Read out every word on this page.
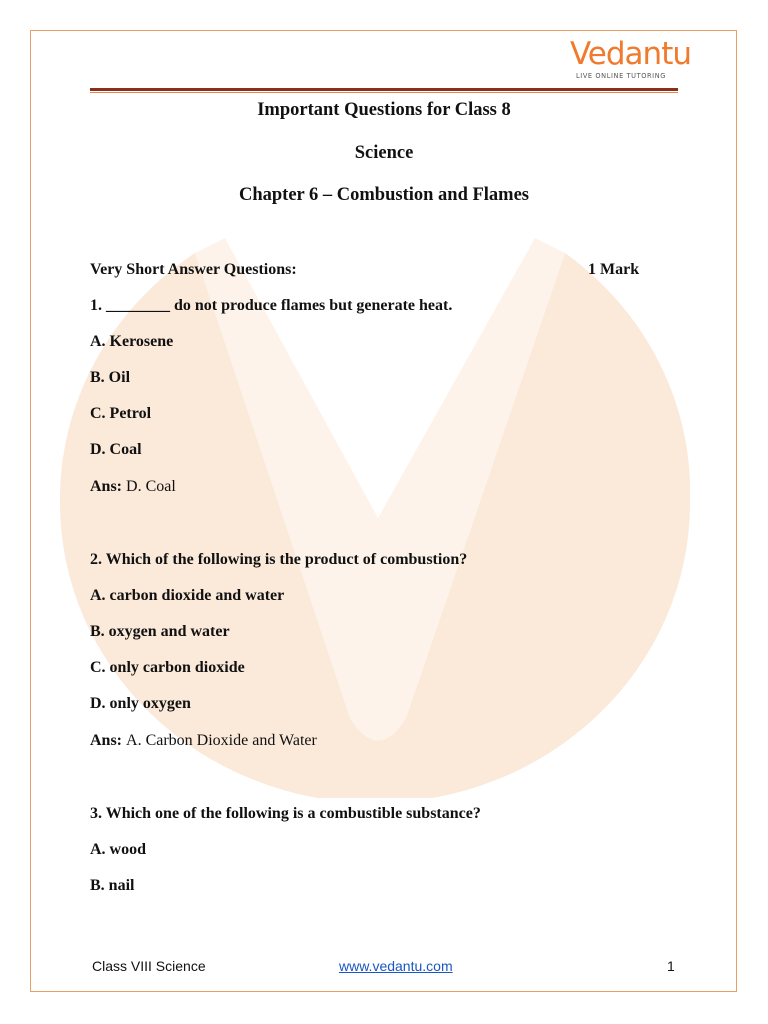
Vedantu
LIVE ONLINE TUTORING
Important Questions for Class 8
Science
Chapter 6 – Combustion and Flames
Very Short Answer Questions:	1 Mark
1. ________ do not produce flames but generate heat.
A. Kerosene
B. Oil
C. Petrol
D. Coal
Ans: D. Coal
2. Which of the following is the product of combustion?
A. carbon dioxide and water
B. oxygen and water
C. only carbon dioxide
D. only oxygen
Ans: A. Carbon Dioxide and Water
3. Which one of the following is a combustible substance?
A. wood
B. nail
Class VIII Science	www.vedantu.com	1
